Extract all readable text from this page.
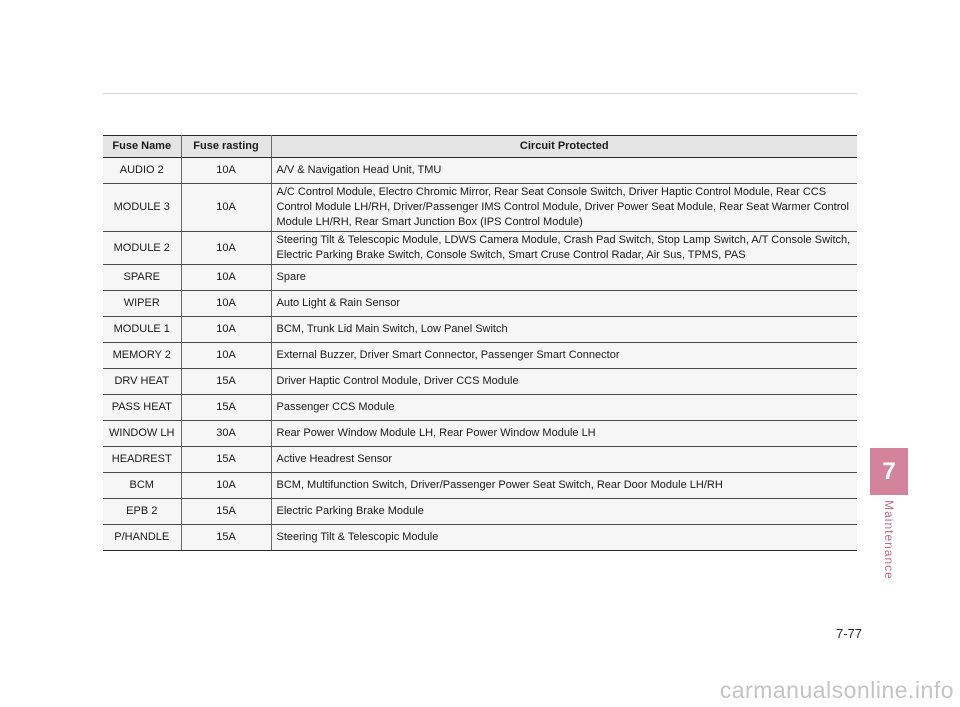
Fuse Name	Fuse rasting	Circuit Protected
AUDIO 2	10A	A/V & Navigation Head Unit, TMU
MODULE 3	10A	A/C Control Module, Electro Chromic Mirror, Rear Seat Console Switch, Driver Haptic Control Module, Rear CCS Control Module LH/RH, Driver/Passenger IMS Control Module, Driver Power Seat Module, Rear Seat Warmer Control Module LH/RH, Rear Smart Junction Box (IPS Control Module)
MODULE 2	10A	Steering Tilt & Telescopic Module, LDWS Camera Module, Crash Pad Switch, Stop Lamp Switch, A/T Console Switch, Electric Parking Brake Switch, Console Switch, Smart Cruse Control Radar, Air Sus, TPMS, PAS
SPARE	10A	Spare
WIPER	10A	Auto Light & Rain Sensor
MODULE 1	10A	BCM, Trunk Lid Main Switch, Low Panel Switch
MEMORY 2	10A	External Buzzer, Driver Smart Connector, Passenger Smart Connector
DRV HEAT	15A	Driver Haptic Control Module, Driver CCS Module
PASS HEAT	15A	Passenger CCS Module
WINDOW LH	30A	Rear Power Window Module LH, Rear Power Window Module LH
HEADREST	15A	Active Headrest Sensor
BCM	10A	BCM, Multifunction Switch, Driver/Passenger Power Seat Switch, Rear Door Module LH/RH
EPB 2	15A	Electric Parking Brake Module
P/HANDLE	15A	Steering Tilt & Telescopic Module
7
Maintenance
7-77
carmanualsonline.info
